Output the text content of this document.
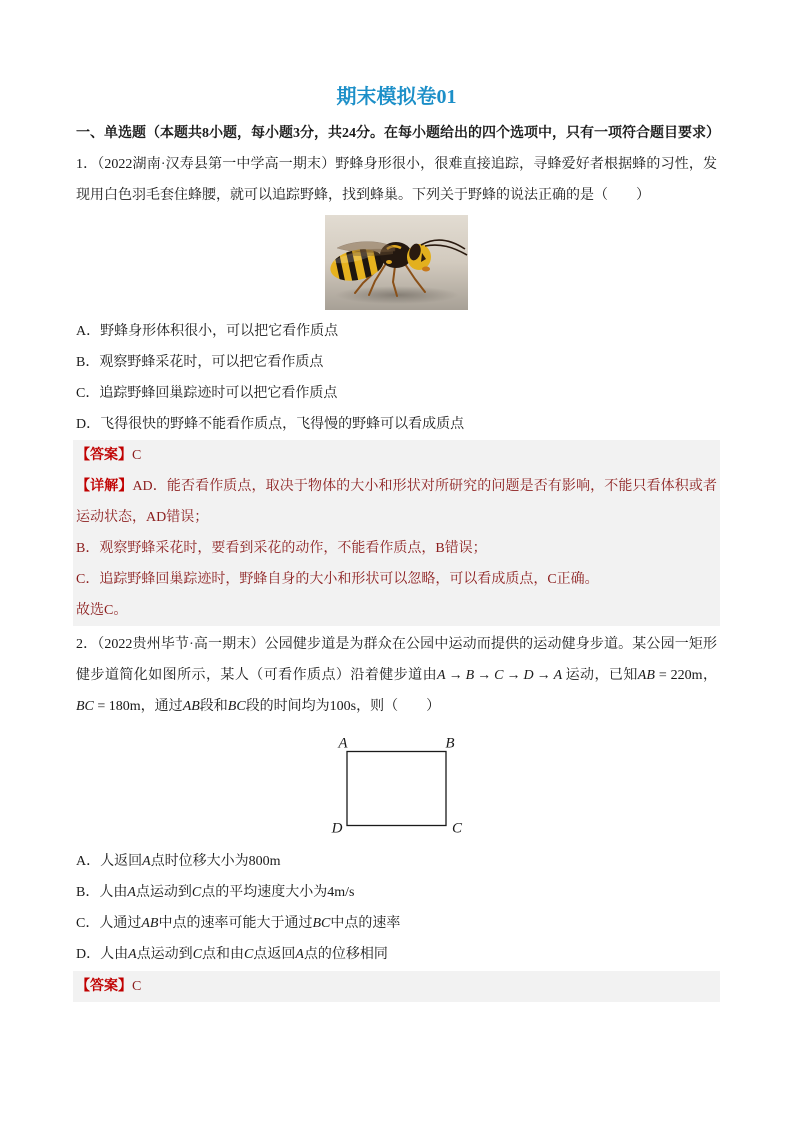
期末模拟卷01
一、单选题（本题共8小题，每小题3分，共24分。在每小题给出的四个选项中，只有一项符合题目要求）
1．（2022湖南·汉寿县第一中学高一期末）野蜂身形很小，很难直接追踪，寻蜂爱好者根据蜂的习性，发现用白色羽毛套住蜂腰，就可以追踪野蜂，找到蜂巢。下列关于野蜂的说法正确的是（　　）
A．野蜂身形体积很小，可以把它看作质点
B．观察野蜂采花时，可以把它看作质点
C．追踪野蜂回巢踪迹时可以把它看作质点
D．飞得很快的野蜂不能看作质点，飞得慢的野蜂可以看成质点
【答案】C
【详解】AD．能否看作质点，取决于物体的大小和形状对所研究的问题是否有影响，不能只看体积或者运动状态，AD错误；
B．观察野蜂采花时，要看到采花的动作，不能看作质点，B错误；
C．追踪野蜂回巢踪迹时，野蜂自身的大小和形状可以忽略，可以看成质点，C正确。
故选C。
2．（2022贵州毕节·高一期末）公园健步道是为群众在公园中运动而提供的运动健身步道。某公园一矩形健步道简化如图所示，某人（可看作质点）沿着健步道由A→B→C→D→A运动，已知AB = 220m，BC = 180m，通过AB段和BC段的时间均为100s，则（　　）
A	B
C
D
A．人返回A点时位移大小为800m
B．人由A点运动到C点的平均速度大小为4m/s
C．人通过AB中点的速率可能大于通过BC中点的速率
D．人由A点运动到C点和由C点返回A点的位移相同
【答案】C
